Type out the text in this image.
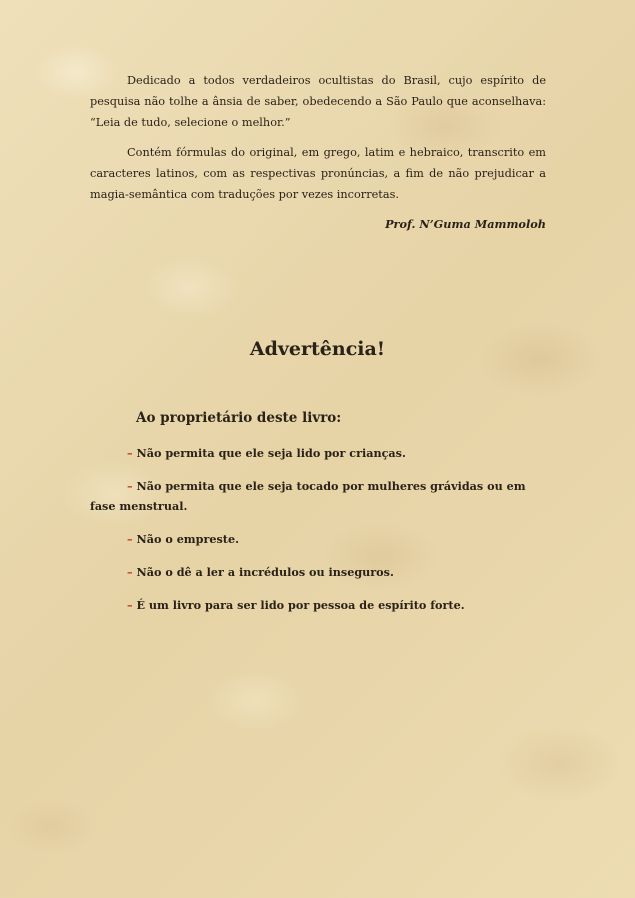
Dedicado a todos verdadeiros ocultistas do Brasil, cujo espírito de pesquisa não tolhe a ânsia de saber, obedecendo a São Paulo que aconselhava: “Leia de tudo, selecione o melhor.”

Contém fórmulas do original, em grego, latim e hebraico, transcrito em caracteres latinos, com as respectivas pronúncias, a fim de não prejudicar a magia-semântica com traduções por vezes incorretas.

Prof. N’Guma Mammoloh

Advertência!
Ao proprietário deste livro:

– Não permita que ele seja lido por crianças.

– Não permita que ele seja tocado por mulheres grávidas ou em fase menstrual.

– Não o empreste.

– Não o dê a ler a incrédulos ou inseguros.

– É um livro para ser lido por pessoa de espírito forte.
